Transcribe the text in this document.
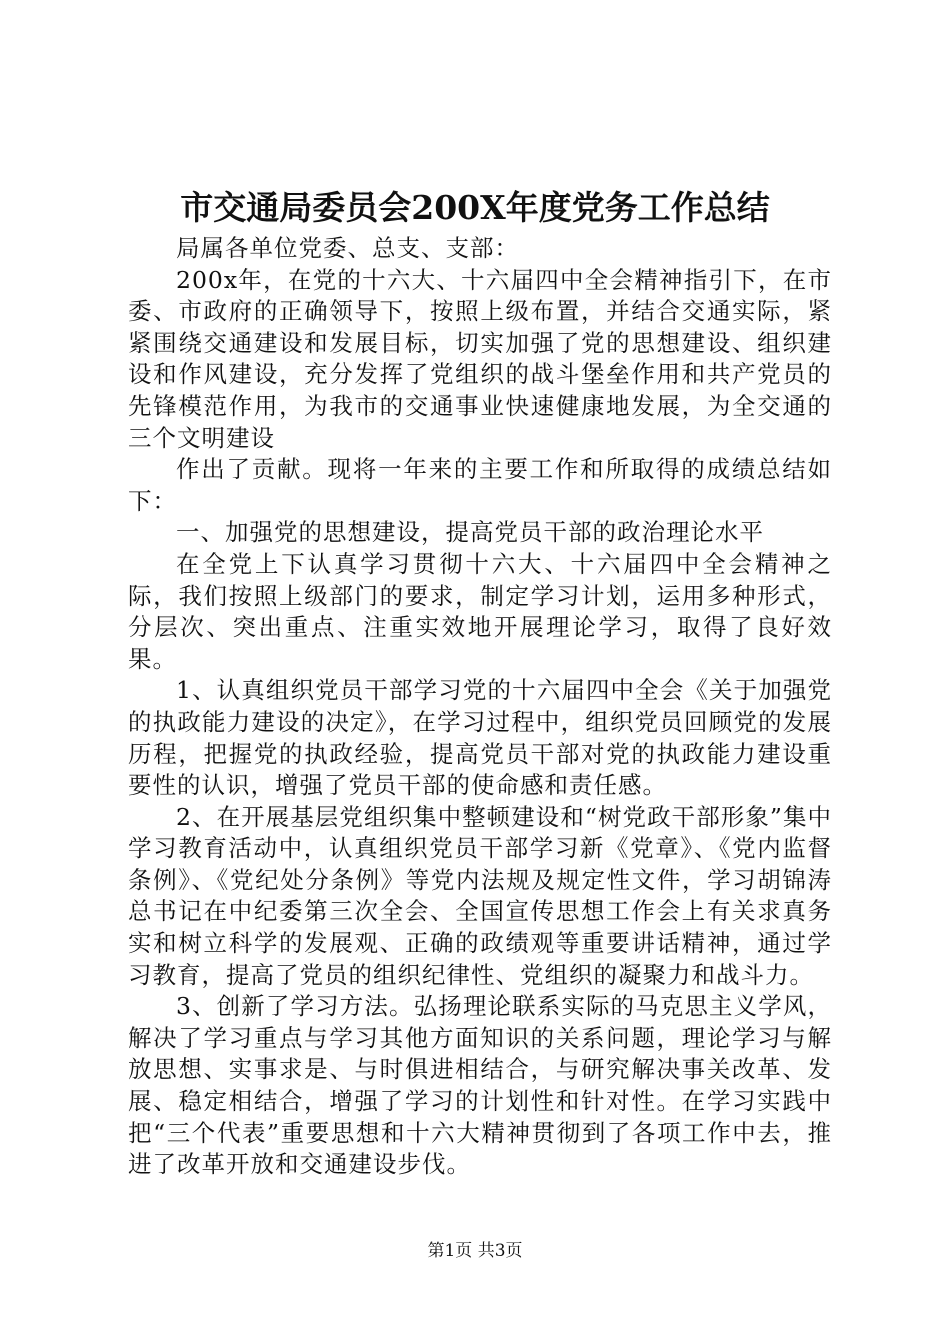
市交通局委员会200X年度党务工作总结

局属各单位党委、总支、支部：

200x年，在党的十六大、十六届四中全会精神指引下，在市委、市政府的正确领导下，按照上级布置，并结合交通实际，紧紧围绕交通建设和发展目标，切实加强了党的思想建设、组织建设和作风建设，充分发挥了党组织的战斗堡垒作用和共产党员的先锋模范作用，为我市的交通事业快速健康地发展，为全交通的三个文明建设

作出了贡献。现将一年来的主要工作和所取得的成绩总结如下：

一、加强党的思想建设，提高党员干部的政治理论水平

在全党上下认真学习贯彻十六大、十六届四中全会精神之际，我们按照上级部门的要求，制定学习计划，运用多种形式，分层次、突出重点、注重实效地开展理论学习，取得了良好效果。

1、认真组织党员干部学习党的十六届四中全会《关于加强党的执政能力建设的决定》，在学习过程中，组织党员回顾党的发展历程，把握党的执政经验，提高党员干部对党的执政能力建设重要性的认识，增强了党员干部的使命感和责任感。

2、在开展基层党组织集中整顿建设和“树党政干部形象”集中学习教育活动中，认真组织党员干部学习新《党章》、《党内监督条例》、《党纪处分条例》等党内法规及规定性文件，学习胡锦涛总书记在中纪委第三次全会、全国宣传思想工作会上有关求真务实和树立科学的发展观、正确的政绩观等重要讲话精神，通过学习教育，提高了党员的组织纪律性、党组织的凝聚力和战斗力。

3、创新了学习方法。弘扬理论联系实际的马克思主义学风，解决了学习重点与学习其他方面知识的关系问题，理论学习与解放思想、实事求是、与时俱进相结合，与研究解决事关改革、发展、稳定相结合，增强了学习的计划性和针对性。在学习实践中把“三个代表”重要思想和十六大精神贯彻到了各项工作中去，推进了改革开放和交通建设步伐。

第1页 共3页
